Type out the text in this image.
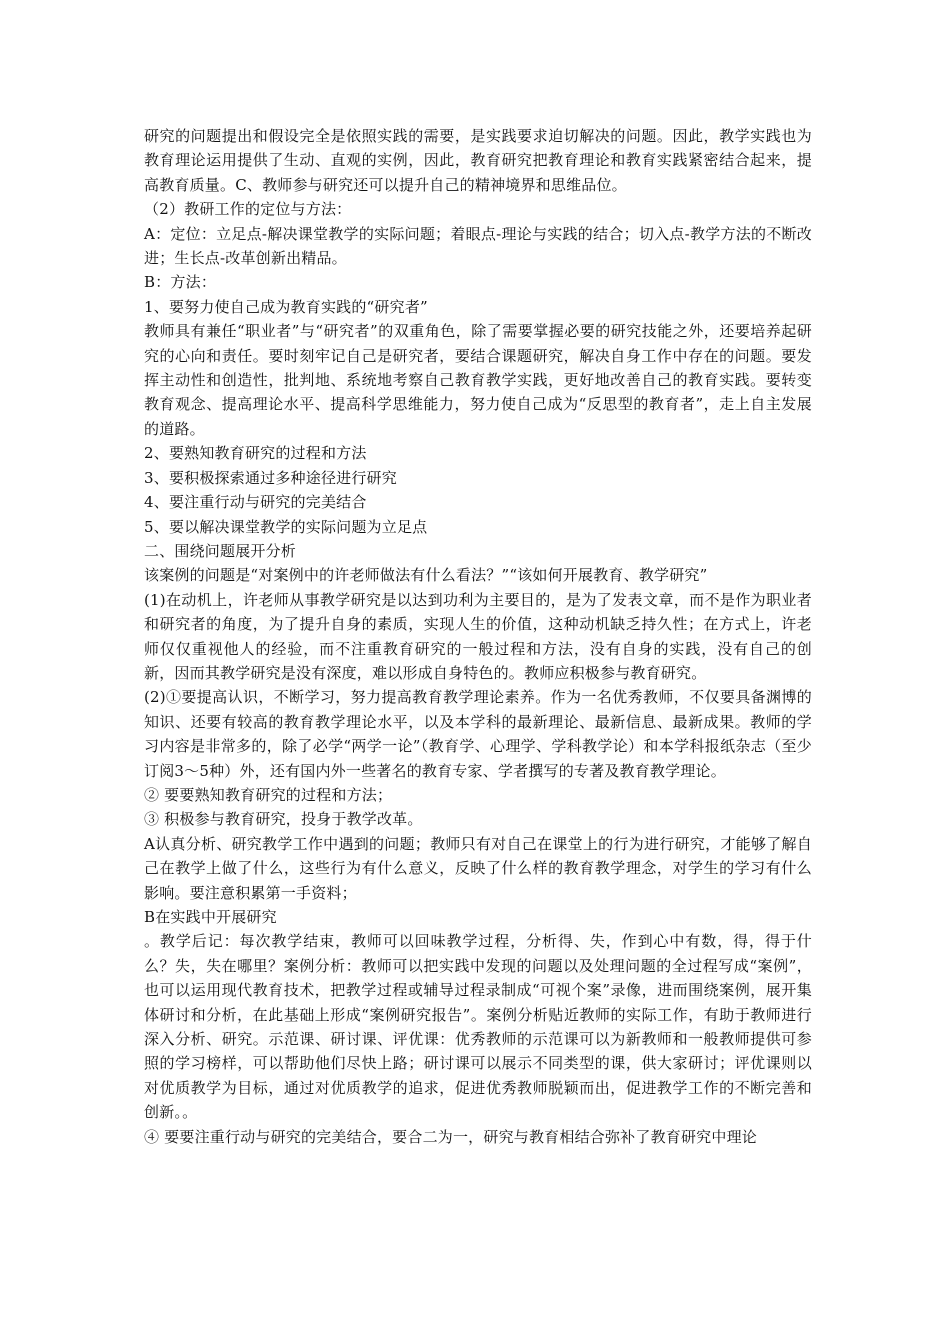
研究的问题提出和假设完全是依照实践的需要，是实践要求迫切解决的问题。因此，教学实践也为教育理论运用提供了生动、直观的实例，因此，教育研究把教育理论和教育实践紧密结合起来，提高教育质量。C、教师参与研究还可以提升自己的精神境界和思维品位。

（2）教研工作的定位与方法：

A：定位：立足点-解决课堂教学的实际问题；着眼点-理论与实践的结合；切入点-教学方法的不断改进；生长点-改革创新出精品。

B：方法：

1、要努力使自己成为教育实践的“研究者”

教师具有兼任“职业者”与“研究者”的双重角色，除了需要掌握必要的研究技能之外，还要培养起研究的心向和责任。要时刻牢记自己是研究者，要结合课题研究，解决自身工作中存在的问题。要发挥主动性和创造性，批判地、系统地考察自己教育教学实践，更好地改善自己的教育实践。要转变教育观念、提高理论水平、提高科学思维能力，努力使自己成为“反思型的教育者”，走上自主发展的道路。

2、要熟知教育研究的过程和方法

3、要积极探索通过多种途径进行研究

4、要注重行动与研究的完美结合

5、要以解决课堂教学的实际问题为立足点

二、围绕问题展开分析

该案例的问题是“对案例中的许老师做法有什么看法？”“该如何开展教育、教学研究”

(1)在动机上，许老师从事教学研究是以达到功利为主要目的，是为了发表文章，而不是作为职业者和研究者的角度，为了提升自身的素质，实现人生的价值，这种动机缺乏持久性；在方式上，许老师仅仅重视他人的经验，而不注重教育研究的一般过程和方法，没有自身的实践，没有自己的创新，因而其教学研究是没有深度，难以形成自身特色的。教师应积极参与教育研究。

(2)①要提高认识，不断学习，努力提高教育教学理论素养。作为一名优秀教师，不仅要具备渊博的知识、还要有较高的教育教学理论水平，以及本学科的最新理论、最新信息、最新成果。教师的学习内容是非常多的，除了必学“两学一论”（教育学、心理学、学科教学论）和本学科报纸杂志（至少订阅3～5种）外，还有国内外一些著名的教育专家、学者撰写的专著及教育教学理论。

② 要要熟知教育研究的过程和方法；

③ 积极参与教育研究，投身于教学改革。

A认真分析、研究教学工作中遇到的问题；教师只有对自己在课堂上的行为进行研究，才能够了解自己在教学上做了什么，这些行为有什么意义，反映了什么样的教育教学理念，对学生的学习有什么影响。要注意积累第一手资料；

B在实践中开展研究

。教学后记：每次教学结束，教师可以回味教学过程，分析得、失，作到心中有数，得，得于什么？失，失在哪里？案例分析：教师可以把实践中发现的问题以及处理问题的全过程写成“案例”，也可以运用现代教育技术，把教学过程或辅导过程录制成“可视个案”录像，进而围绕案例，展开集体研讨和分析，在此基础上形成“案例研究报告”。案例分析贴近教师的实际工作，有助于教师进行深入分析、研究。示范课、研讨课、评优课：优秀教师的示范课可以为新教师和一般教师提供可参照的学习榜样，可以帮助他们尽快上路；研讨课可以展示不同类型的课，供大家研讨；评优课则以对优质教学为目标，通过对优质教学的追求，促进优秀教师脱颖而出，促进教学工作的不断完善和创新。。

④ 要要注重行动与研究的完美结合，要合二为一，研究与教育相结合弥补了教育研究中理论
